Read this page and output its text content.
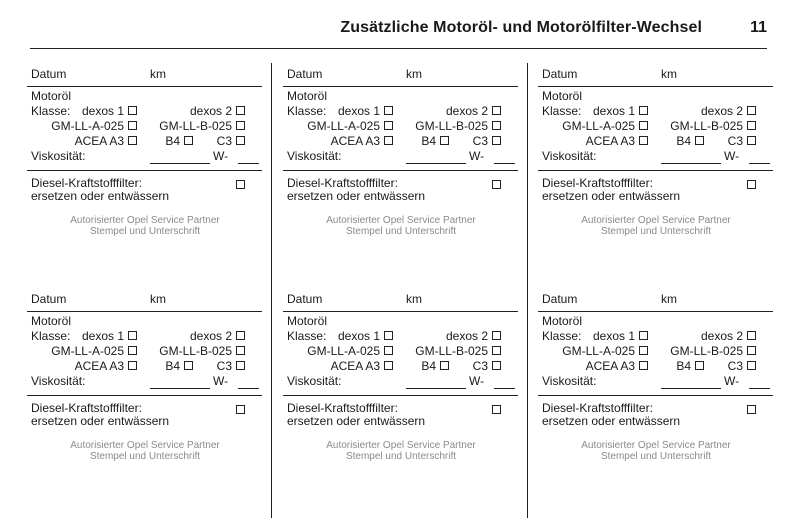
Zusätzliche Motoröl- und Motorölfilter-Wechsel	11
Datum	km
Motoröl
Klasse: dexos 1	dexos 2
GM-LL-A-025	GM-LL-B-025
ACEA A3	B4	C3
Viskosität:	W-
Diesel-Kraftstofffilter:
ersetzen oder entwässern
Autorisierter Opel Service Partner
Stempel und Unterschrift
Datum	km
Motoröl
Klasse: dexos 1	dexos 2
GM-LL-A-025	GM-LL-B-025
ACEA A3	B4	C3
Viskosität:	W-
Diesel-Kraftstofffilter:
ersetzen oder entwässern
Autorisierter Opel Service Partner
Stempel und Unterschrift
Datum	km
Motoröl
Klasse: dexos 1	dexos 2
GM-LL-A-025	GM-LL-B-025
ACEA A3	B4	C3
Viskosität:	W-
Diesel-Kraftstofffilter:
ersetzen oder entwässern
Autorisierter Opel Service Partner
Stempel und Unterschrift
Datum	km
Motoröl
Klasse: dexos 1	dexos 2
GM-LL-A-025	GM-LL-B-025
ACEA A3	B4	C3
Viskosität:	W-
Diesel-Kraftstofffilter:
ersetzen oder entwässern
Autorisierter Opel Service Partner
Stempel und Unterschrift
Datum	km
Motoröl
Klasse: dexos 1	dexos 2
GM-LL-A-025	GM-LL-B-025
ACEA A3	B4	C3
Viskosität:	W-
Diesel-Kraftstofffilter:
ersetzen oder entwässern
Autorisierter Opel Service Partner
Stempel und Unterschrift
Datum	km
Motoröl
Klasse: dexos 1	dexos 2
GM-LL-A-025	GM-LL-B-025
ACEA A3	B4	C3
Viskosität:	W-
Diesel-Kraftstofffilter:
ersetzen oder entwässern
Autorisierter Opel Service Partner
Stempel und Unterschrift
